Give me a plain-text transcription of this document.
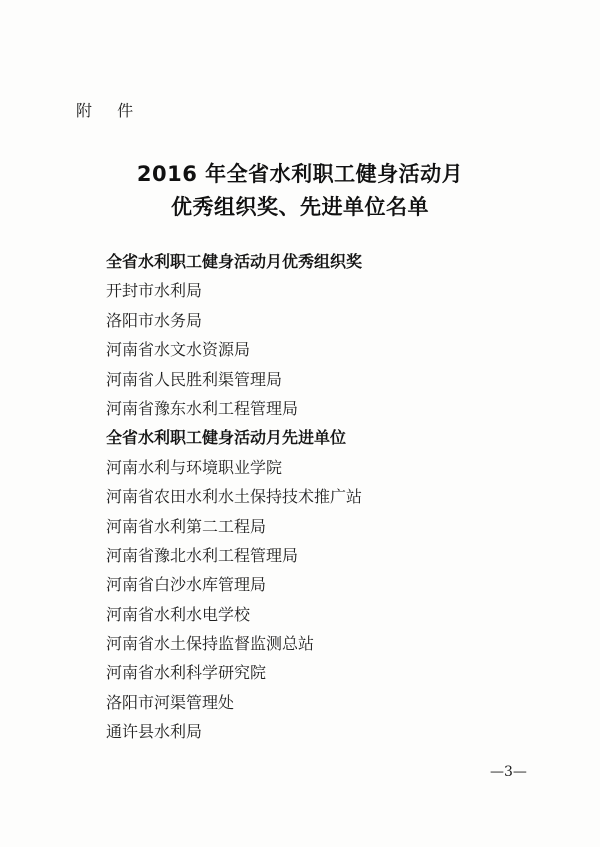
附 件
2016 年全省水利职工健身活动月
优秀组织奖、先进单位名单
全省水利职工健身活动月优秀组织奖
开封市水利局
洛阳市水务局
河南省水文水资源局
河南省人民胜利渠管理局
河南省豫东水利工程管理局
全省水利职工健身活动月先进单位
河南水利与环境职业学院
河南省农田水利水土保持技术推广站
河南省水利第二工程局
河南省豫北水利工程管理局
河南省白沙水库管理局
河南省水利水电学校
河南省水土保持监督监测总站
河南省水利科学研究院
洛阳市河渠管理处
通许县水利局
—3—
